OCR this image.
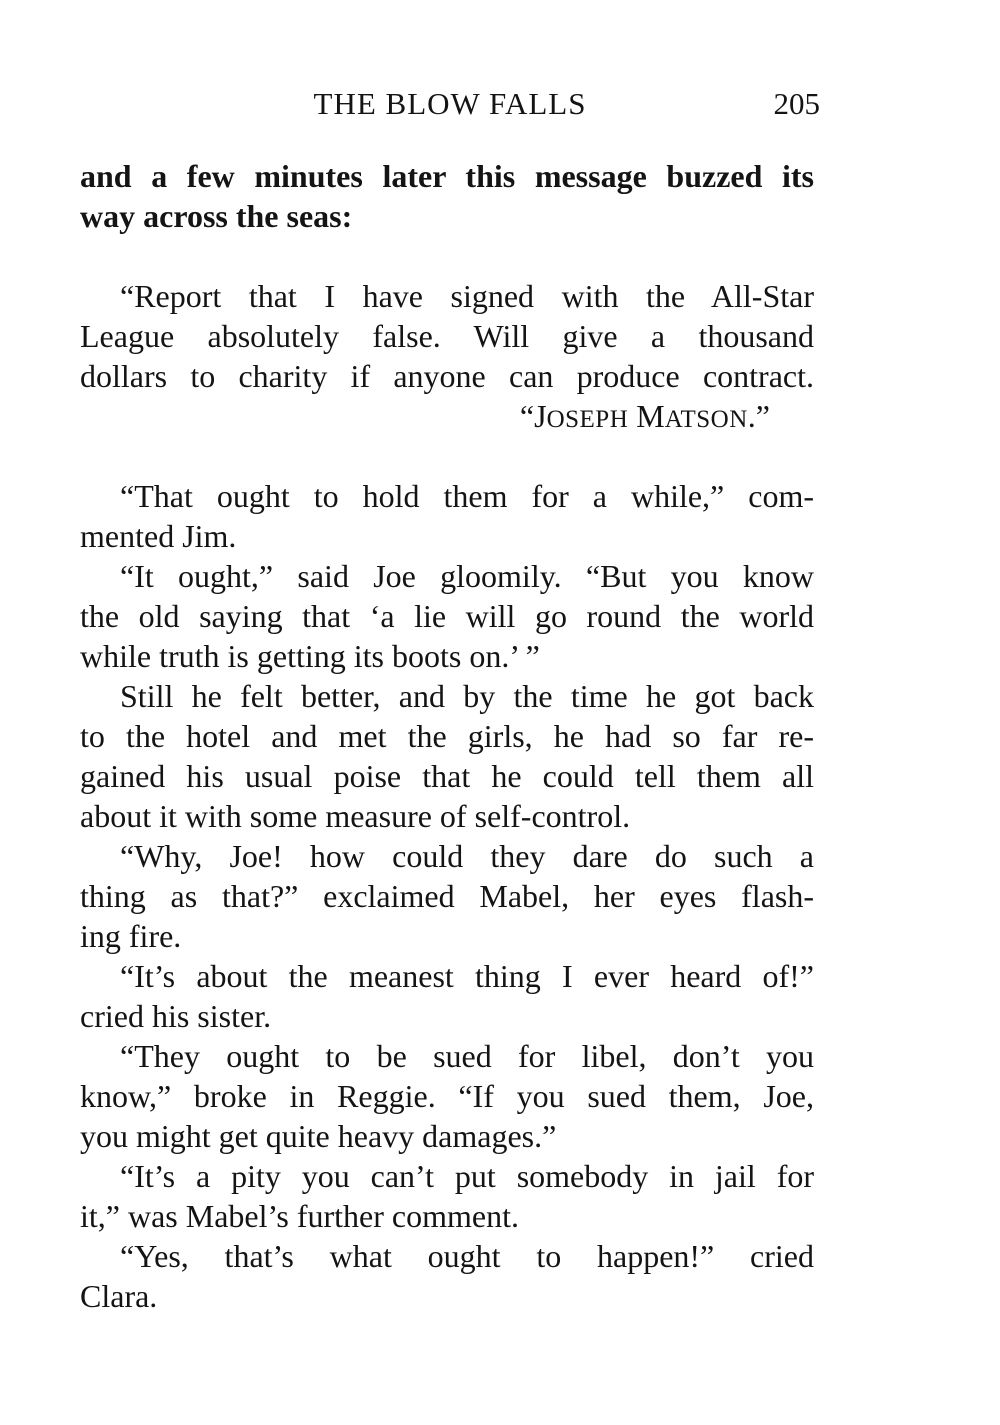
THE BLOW FALLS	205
and a few minutes later this message buzzed its
way across the seas:
“Report that I have signed with the All-Star
League absolutely false. Will give a thousand
dollars to charity if anyone can produce contract.
“JOSEPH MATSON.”
“That ought to hold them for a while,” com-
mented Jim.
“It ought,” said Joe gloomily. “But you know
the old saying that ‘a lie will go round the world
while truth is getting its boots on.’ ”
Still he felt better, and by the time he got back
to the hotel and met the girls, he had so far re-
gained his usual poise that he could tell them all
about it with some measure of self-control.
“Why, Joe! how could they dare do such a
thing as that?” exclaimed Mabel, her eyes flash-
ing fire.
“It’s about the meanest thing I ever heard of!”
cried his sister.
“They ought to be sued for libel, don’t you
know,” broke in Reggie. “If you sued them, Joe,
you might get quite heavy damages.”
“It’s a pity you can’t put somebody in jail for
it,” was Mabel’s further comment.
“Yes, that’s what ought to happen!” cried
Clara.
